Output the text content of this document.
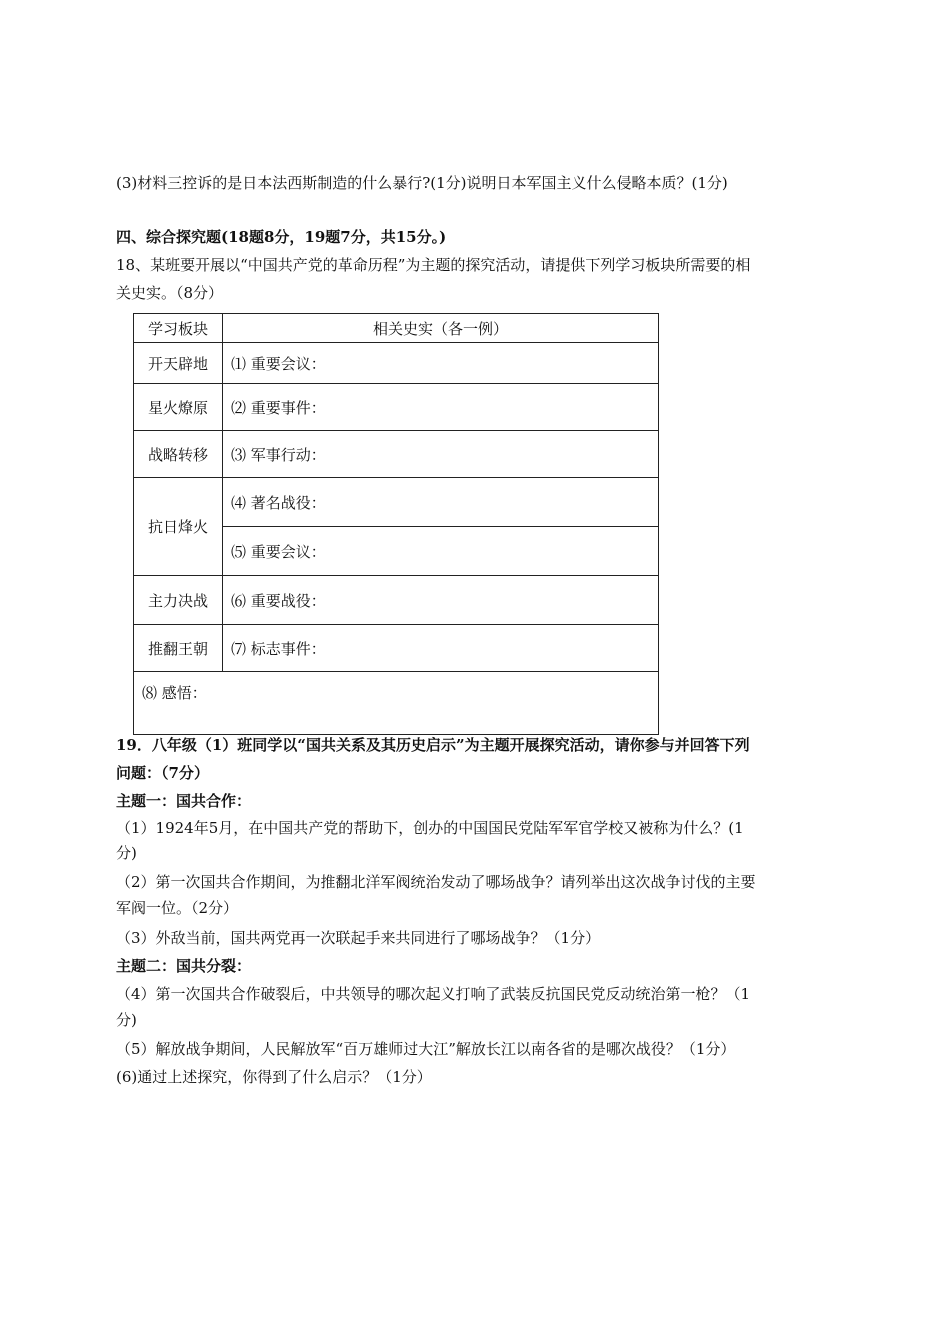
(3)材料三控诉的是日本法西斯制造的什么暴行?(1分)说明日本军国主义什么侵略本质？(1分)
四、综合探究题(18题8分，19题7分，共15分。)
18、某班要开展以“中国共产党的革命历程”为主题的探究活动，请提供下列学习板块所需要的相
关史实。（8分）
学习板块	相关史实（各一例）
开天辟地	⑴ 重要会议：
星火燎原	⑵ 重要事件：
战略转移	⑶ 军事行动：
抗日烽火	⑷ 著名战役：
	⑸ 重要会议：
主力决战	⑹ 重要战役：
推翻王朝	⑺ 标志事件：
⑻ 感悟：	
19．八年级（1）班同学以“国共关系及其历史启示”为主题开展探究活动，请你参与并回答下列
问题：（7分）
主题一：国共合作：
（1）1924年5月，在中国共产党的帮助下，创办的中国国民党陆军军官学校又被称为什么？(1
分)
（2）第一次国共合作期间，为推翻北洋军阀统治发动了哪场战争？请列举出这次战争讨伐的主要
军阀一位。（2分）
（3）外敌当前，国共两党再一次联起手来共同进行了哪场战争？（1分）
主题二：国共分裂：
（4）第一次国共合作破裂后，中共领导的哪次起义打响了武装反抗国民党反动统治第一枪？（1
分)
（5）解放战争期间，人民解放军“百万雄师过大江”解放长江以南各省的是哪次战役？（1分）
(6)通过上述探究，你得到了什么启示？（1分）
